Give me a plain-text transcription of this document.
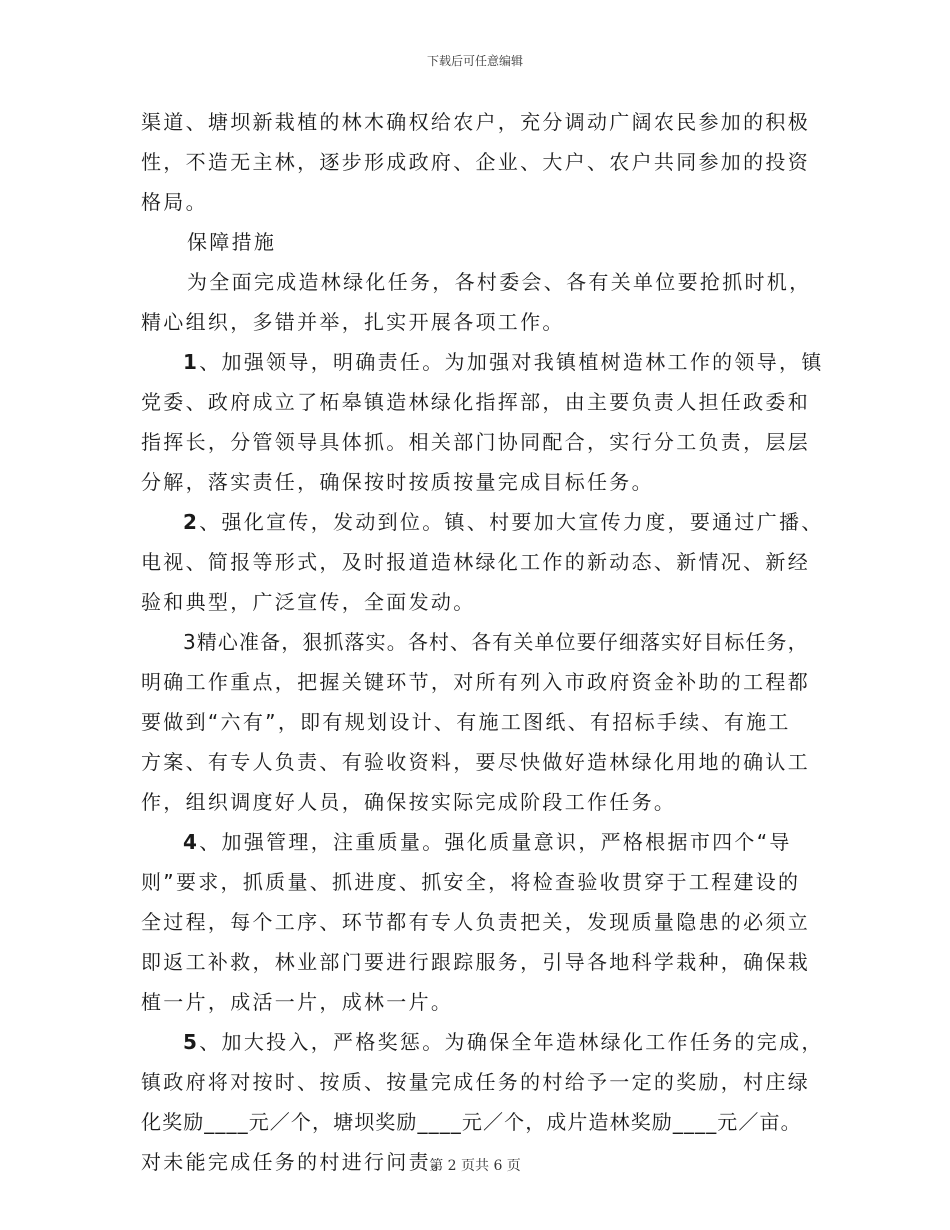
下载后可任意编辑
渠道、塘坝新栽植的林木确权给农户，充分调动广阔农民参加的积极
性，不造无主林，逐步形成政府、企业、大户、农户共同参加的投资
格局。
保障措施
为全面完成造林绿化任务，各村委会、各有关单位要抢抓时机，
精心组织，多错并举，扎实开展各项工作。
1、加强领导，明确责任。为加强对我镇植树造林工作的领导，镇
党委、政府成立了柘皋镇造林绿化指挥部，由主要负责人担任政委和
指挥长，分管领导具体抓。相关部门协同配合，实行分工负责，层层
分解，落实责任，确保按时按质按量完成目标任务。
2、强化宣传，发动到位。镇、村要加大宣传力度，要通过广播、
电视、简报等形式，及时报道造林绿化工作的新动态、新情况、新经
验和典型，广泛宣传，全面发动。
3精心准备，狠抓落实。各村、各有关单位要仔细落实好目标任务，
明确工作重点，把握关键环节，对所有列入市政府资金补助的工程都
要做到“六有”，即有规划设计、有施工图纸、有招标手续、有施工
方案、有专人负责、有验收资料，要尽快做好造林绿化用地的确认工
作，组织调度好人员，确保按实际完成阶段工作任务。
4、加强管理，注重质量。强化质量意识，严格根据市四个“导
则”要求，抓质量、抓进度、抓安全，将检查验收贯穿于工程建设的
全过程，每个工序、环节都有专人负责把关，发现质量隐患的必须立
即返工补救，林业部门要进行跟踪服务，引导各地科学栽种，确保栽
植一片，成活一片，成林一片。
5、加大投入，严格奖惩。为确保全年造林绿化工作任务的完成，
镇政府将对按时、按质、按量完成任务的村给予一定的奖励，村庄绿
化奖励____元／个，塘坝奖励____元／个，成片造林奖励____元／亩。
对未能完成任务的村进行问责。
第 2 页共 6 页
